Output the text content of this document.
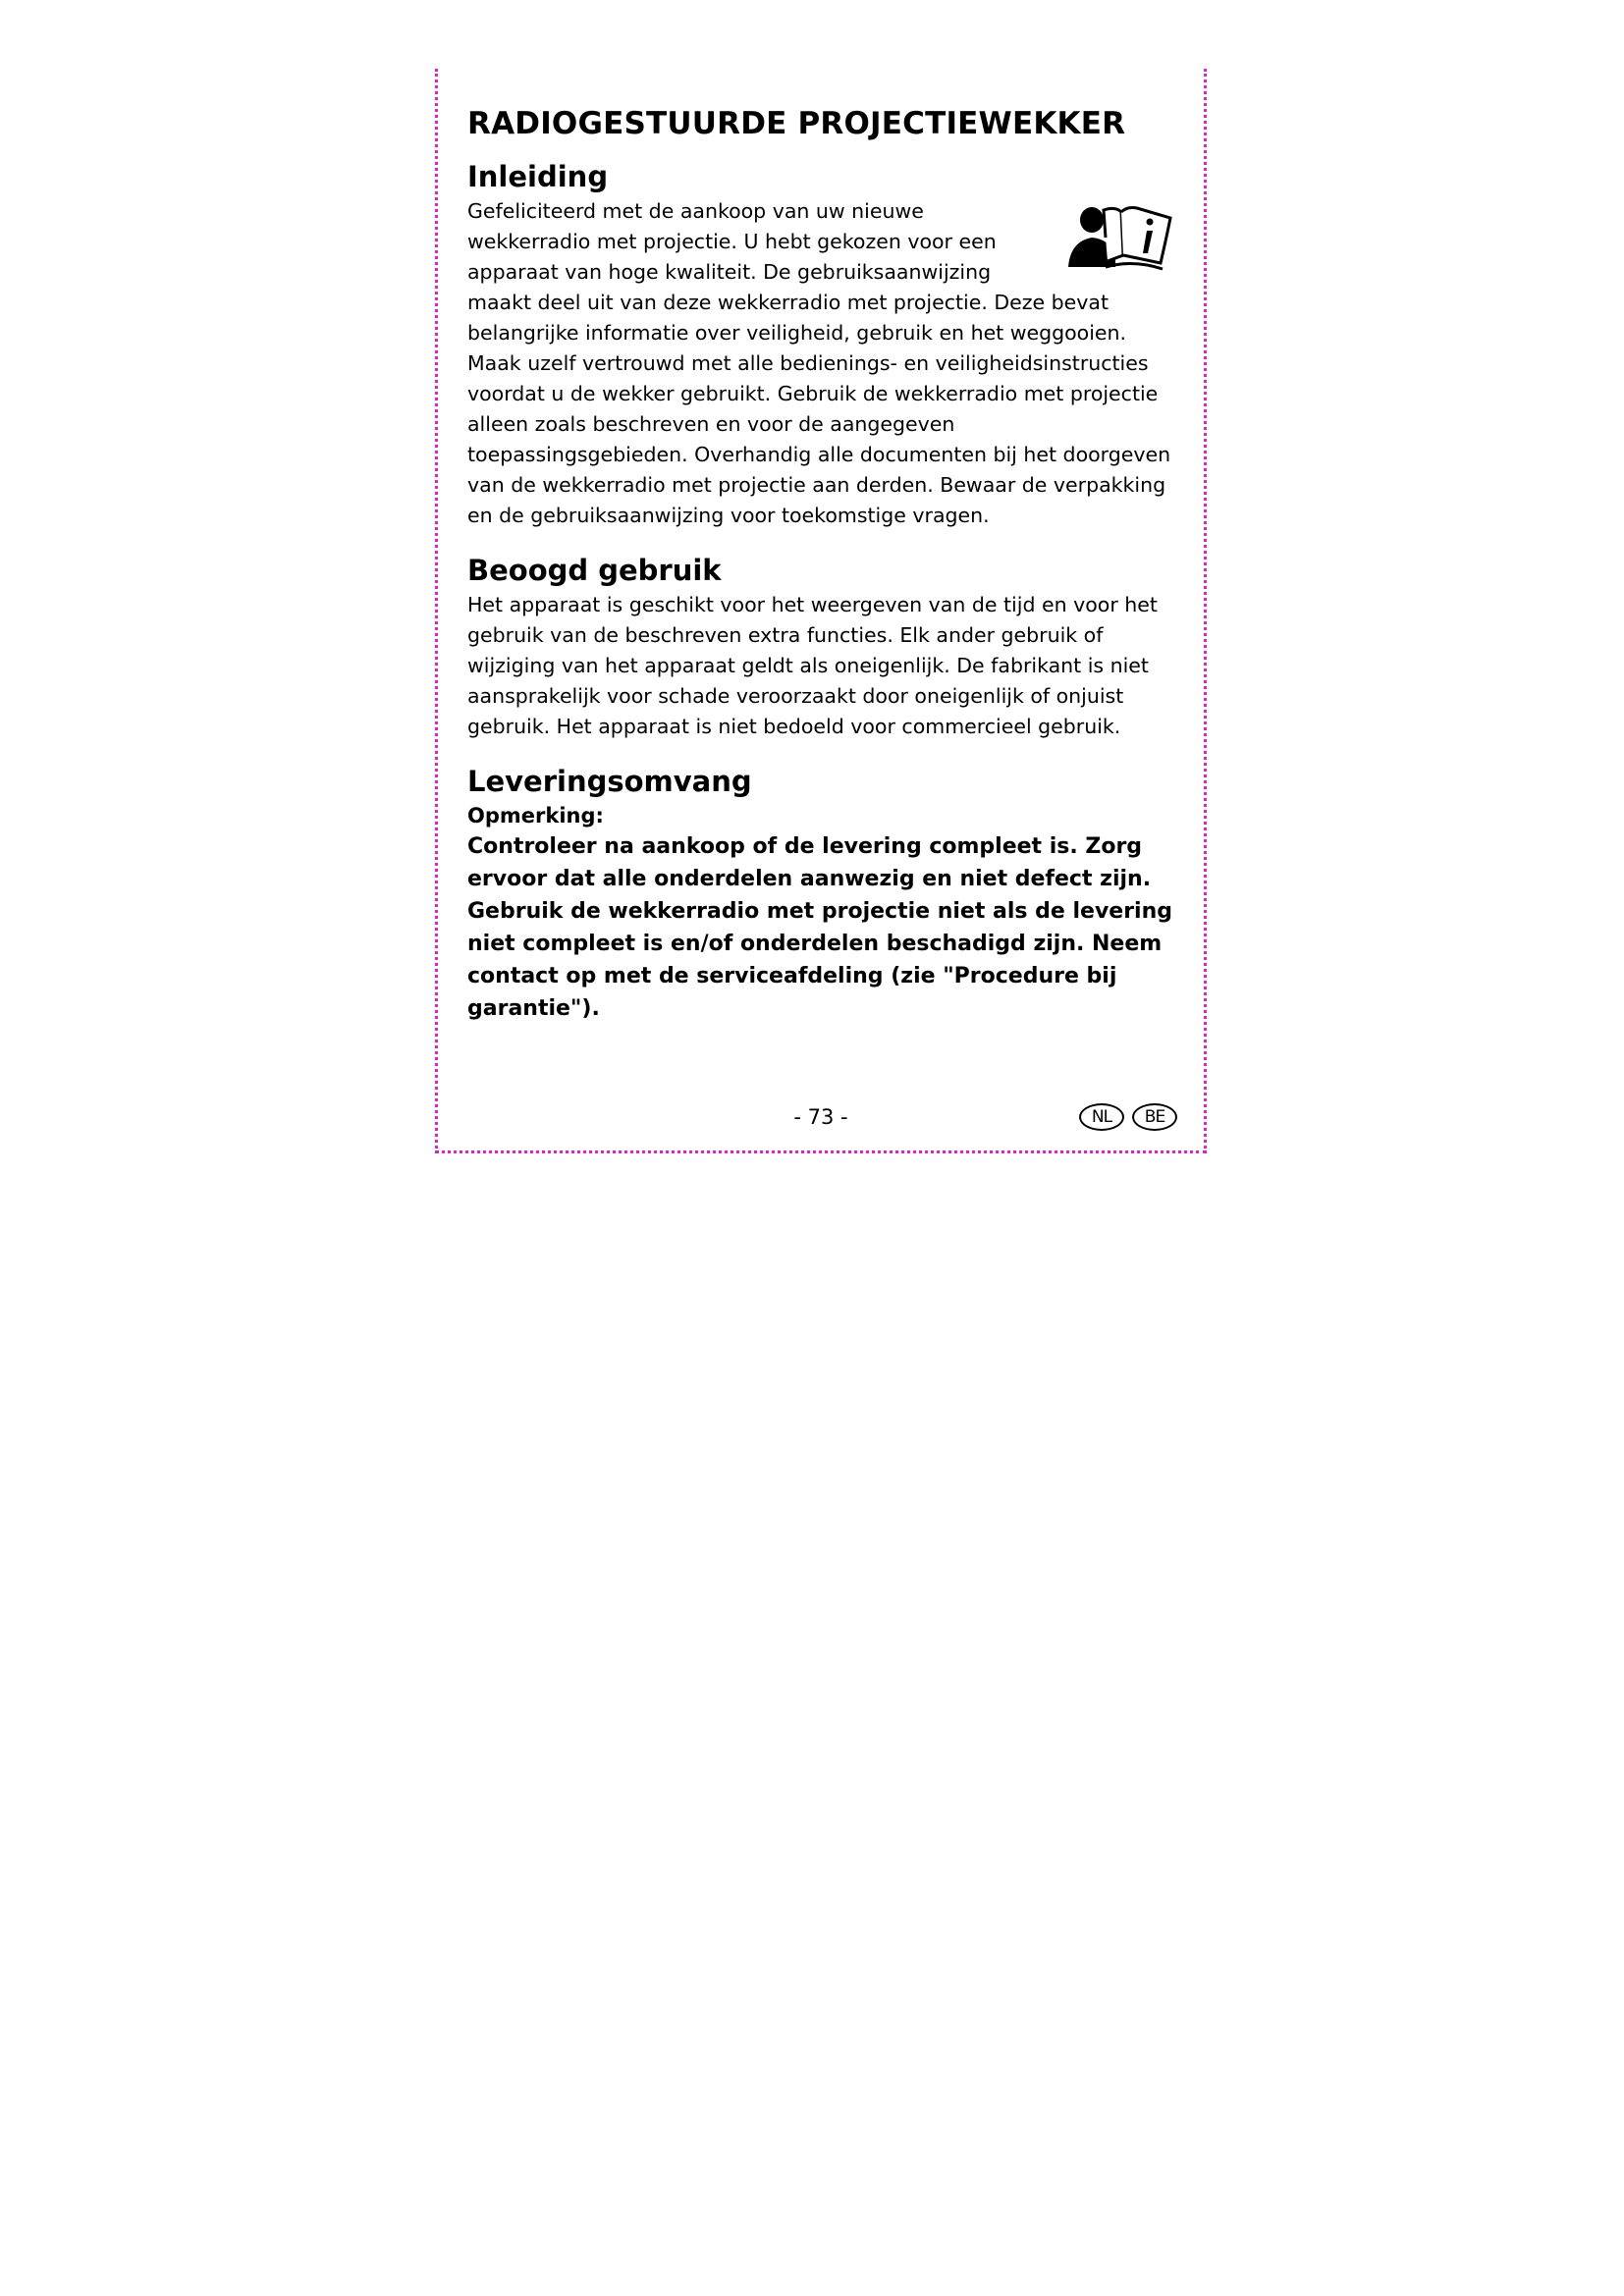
RADIOGESTUURDE PROJECTIEWEKKER
Inleiding

Gefeliciteerd met de aankoop van uw nieuwe wekkerradio met projectie. U hebt gekozen voor een apparaat van hoge kwaliteit. De gebruiksaanwijzing maakt deel uit van deze wekkerradio met projectie. Deze bevat belangrijke informatie over veiligheid, gebruik en het weggooien. Maak uzelf vertrouwd met alle bedienings- en veiligheidsinstructies voordat u de wekker gebruikt. Gebruik de wekkerradio met projectie alleen zoals beschreven en voor de aangegeven toepassingsgebieden. Overhandig alle documenten bij het doorgeven van de wekkerradio met projectie aan derden. Bewaar de verpakking en de gebruiksaanwijzing voor toekomstige vragen.

Beoogd gebruik

Het apparaat is geschikt voor het weergeven van de tijd en voor het gebruik van de beschreven extra functies. Elk ander gebruik of wijziging van het apparaat geldt als oneigenlijk. De fabrikant is niet aansprakelijk voor schade veroorzaakt door oneigenlijk of onjuist gebruik. Het apparaat is niet bedoeld voor commercieel gebruik.

Leveringsomvang
Opmerking:

Controleer na aankoop of de levering compleet is. Zorg ervoor dat alle onderdelen aanwezig en niet defect zijn. Gebruik de wekkerradio met projectie niet als de levering niet compleet is en/of onderdelen beschadigd zijn. Neem contact op met de serviceafdeling (zie "Procedure bij garantie").

- 73 -	NL	BE
